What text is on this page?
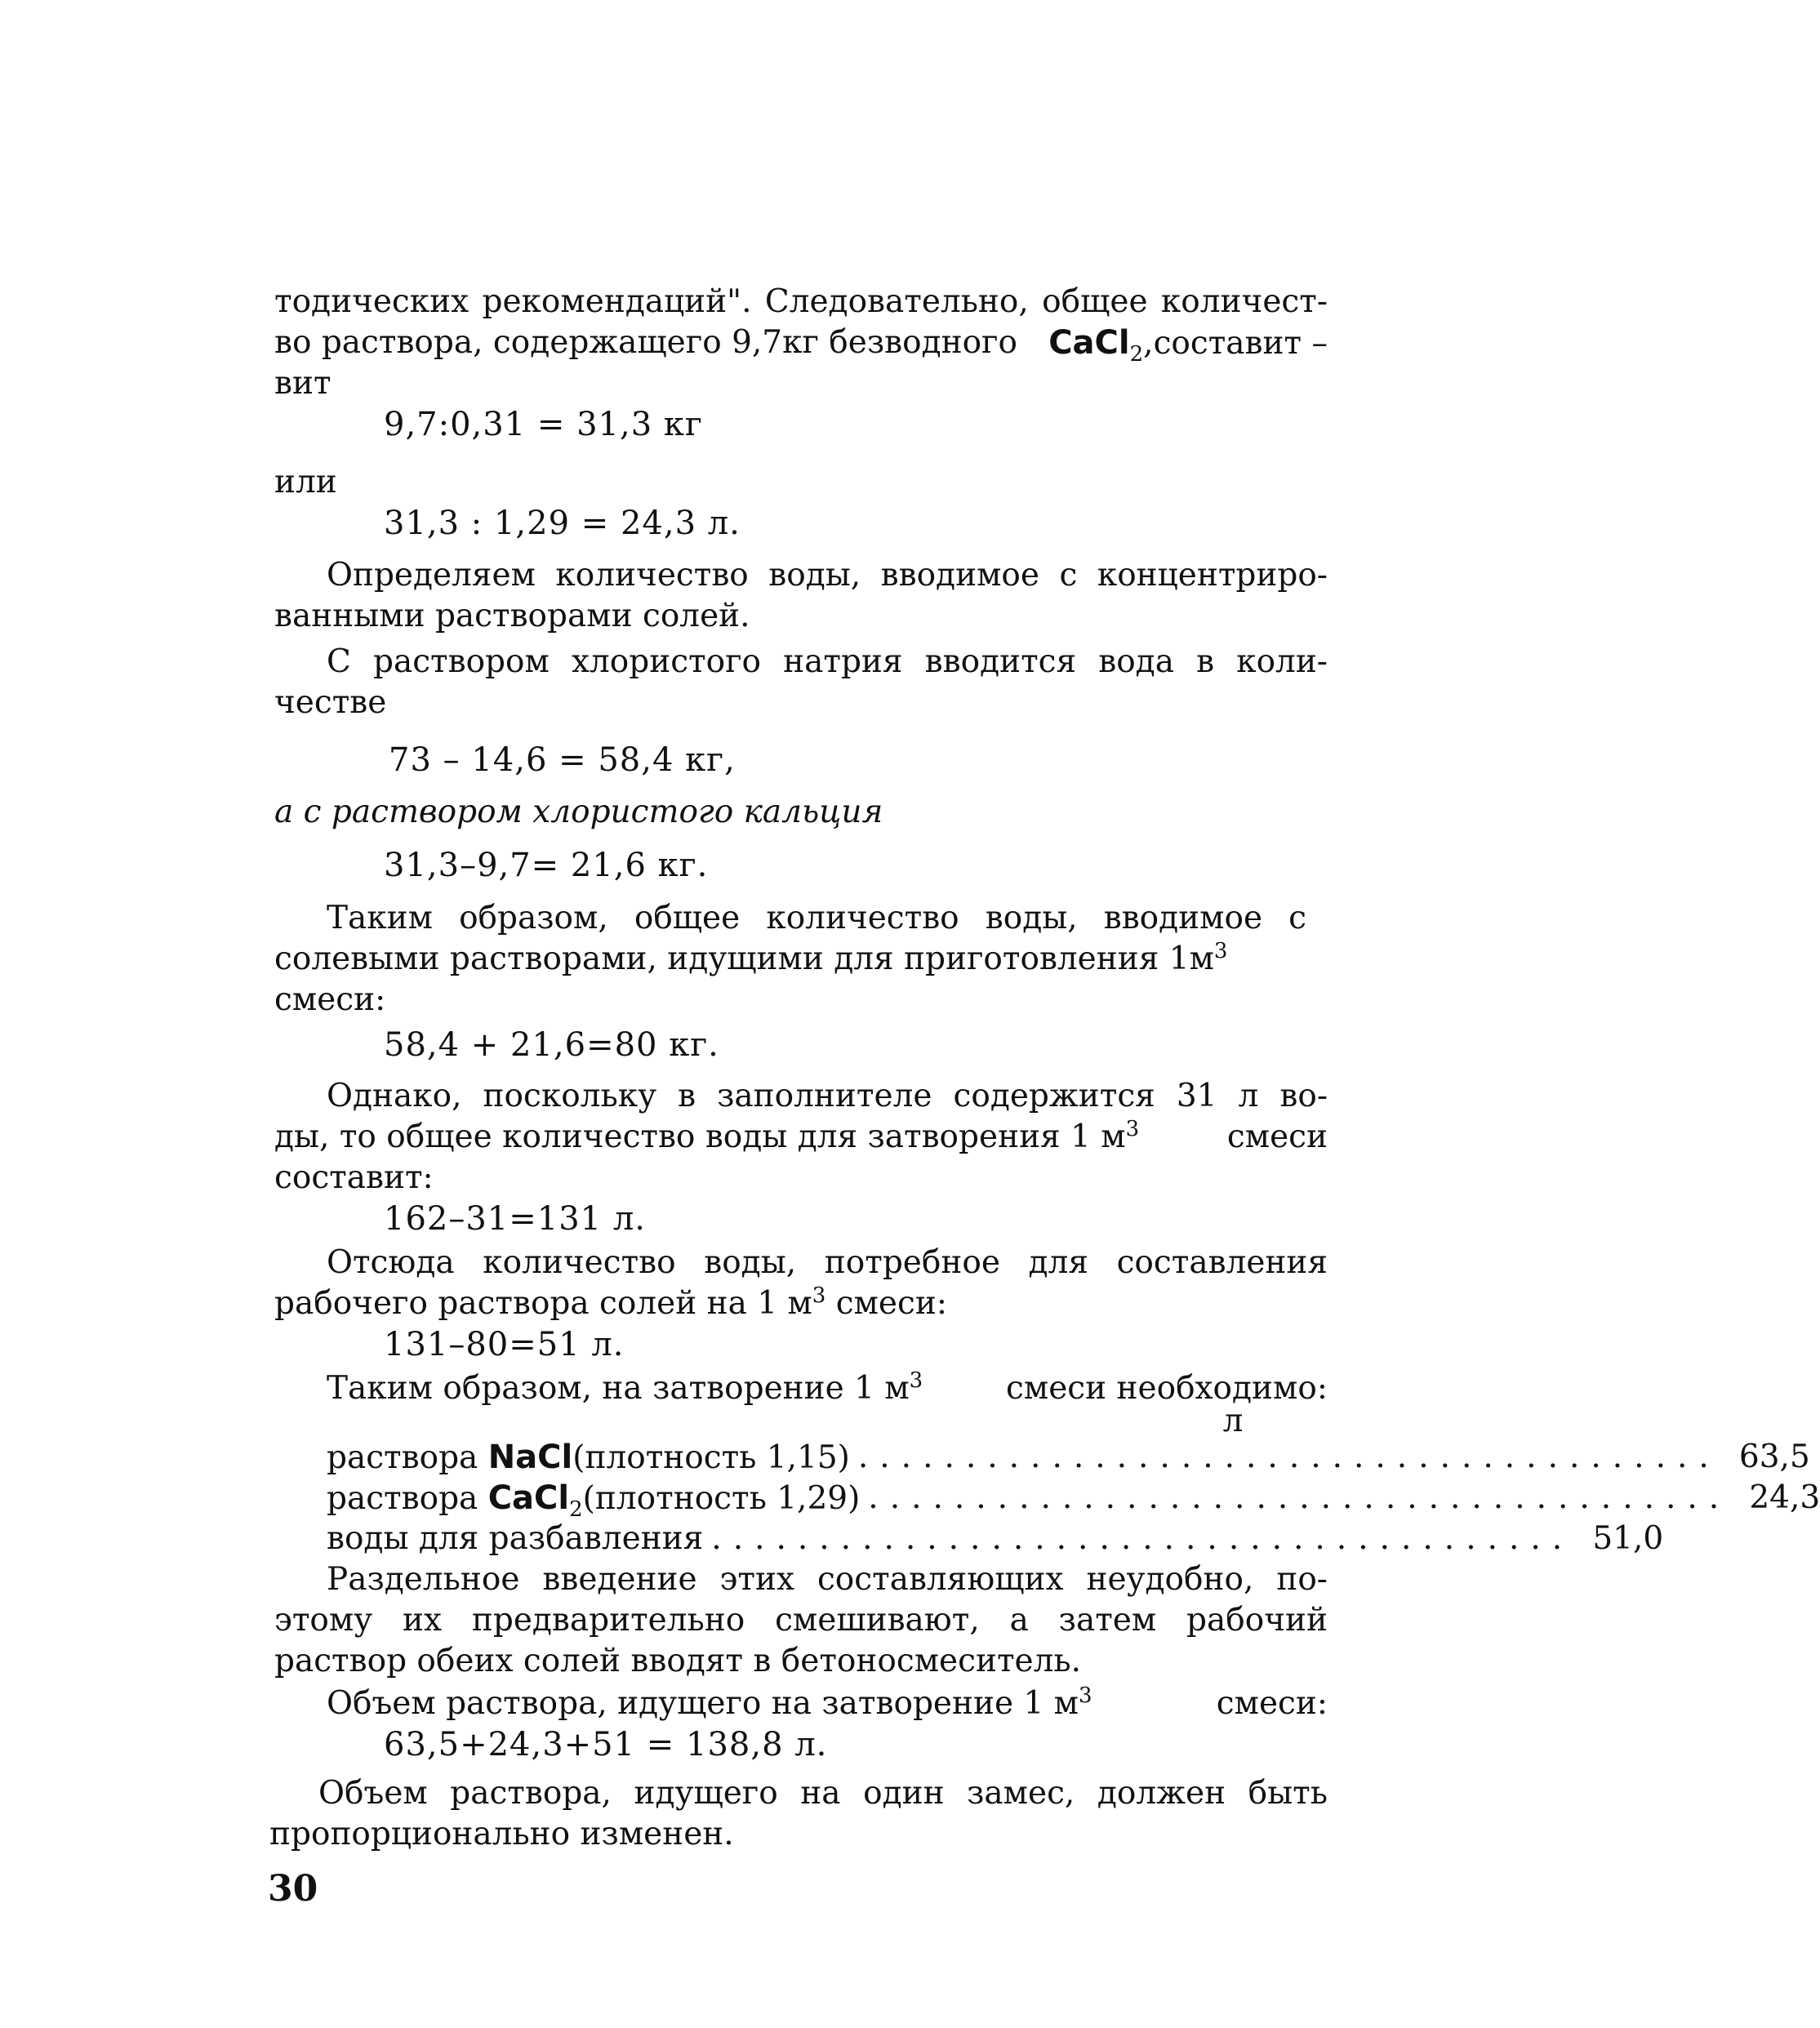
тодических рекомендаций". Следовательно, общее количест-
во раствора, содержащего 9,7кг безводного CaCl$_2$,составит –
вит
9,7:0,31 = 31,3 кг
или
31,3 : 1,29 = 24,3 л.
Определяем количество воды, вводимое с концентриро-
ванными растворами солей.
С раствором хлористого натрия вводится вода в коли-
честве
73 – 14,6 = 58,4 кг,
а с раствором хлористого кальция
31,3–9,7= 21,6 кг.
Таким образом, общее количество воды, вводимое с
солевыми растворами, идущими для приготовления $1м^3$
смеси:
58,4 + 21,6=80 кг.
Однако, поскольку в заполнителе содержится 31 л во-
ды, то общее количество воды для затворения 1 $м^3$	смеси
составит:
162–31=131 л.
Отсюда количество воды, потребное для составления
рабочего раствора солей на 1 $м^3$ смеси:
131–80=51 л.
Таким образом, на затворение 1 $м^3$	смеси необходимо:
л
раствора NaCl(плотность 1,15) ........................................ 63,5
раствора CaCl$_2$(плотность 1,29) ........................................ 24,3
воды для разбавления ........................................ 51,0
Раздельное введение этих составляющих неудобно, по-
этому их предварительно смешивают, а затем рабочий
раствор обеих солей вводят в бетоносмеситель.
Объем раствора, идущего на затворение 1 $м^3$	смеси:
63,5+24,3+51 = 138,8 л.
Объем раствора, идущего на один замес, должен быть
пропорционально изменен.
30
